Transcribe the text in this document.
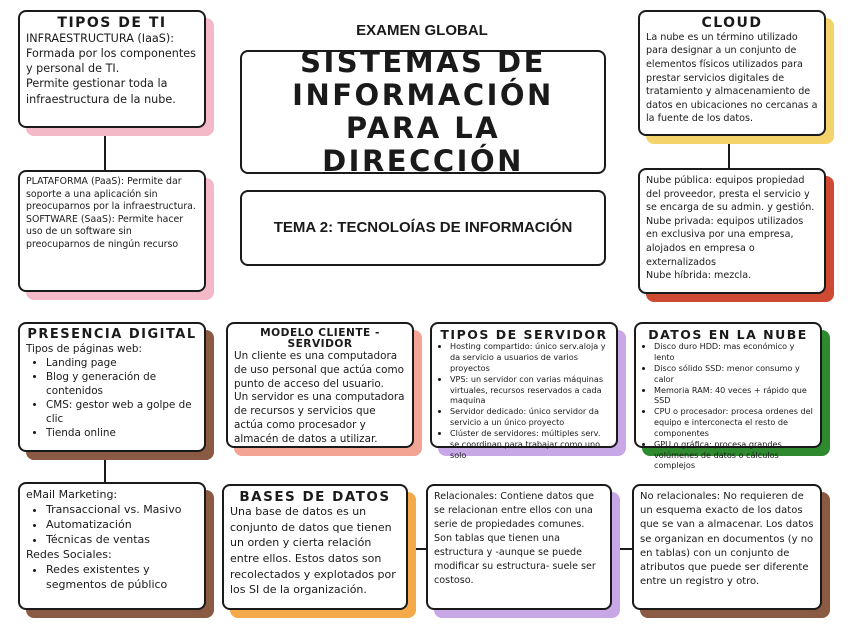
TIPOS DE TI

INFRAESTRUCTURA (IaaS): Formada por los componentes y personal de TI.

Permite gestionar toda la infraestructura de la nube.

PLATAFORMA (PaaS): Permite dar soporte a una aplicación sin preocuparnos por la infraestructura.

SOFTWARE (SaaS): Permite hacer uso de un software sin preocuparnos de ningún recurso

EXAMEN GLOBAL
SISTEMAS DE INFORMACIÓN PARA LA DIRECCIÓN
TEMA 2: TECNOLOÍAS DE INFORMACIÓN
CLOUD

La nube es un término utilizado para designar a un conjunto de elementos físicos utilizados para prestar servicios digitales de tratamiento y almacenamiento de datos en ubicaciones no cercanas a la fuente de los datos.

Nube pública: equipos propiedad del proveedor, presta el servicio y se encarga de su admin. y gestión.

Nube privada: equipos utilizados en exclusiva por una empresa, alojados en empresa o externalizados

Nube híbrida: mezcla.

PRESENCIA DIGITAL

Tipos de páginas web:

• Landing page
• Blog y generación de contenidos
• CMS: gestor web a golpe de clic
• Tienda online

eMail Marketing:

• Transaccional vs. Masivo
• Automatización
• Técnicas de ventas

Redes Sociales:

• Redes existentes y segmentos de público
MODELO CLIENTE - SERVIDOR

Un cliente es una computadora de uso personal que actúa como punto de acceso del usuario.

Un servidor es una computadora de recursos y servicios que actúa como procesador y almacén de datos a utilizar.

TIPOS DE SERVIDOR
• Hosting compartido: único serv.aloja y da servicio a usuarios de varios proyectos
• VPS: un servidor con varias máquinas virtuales, recursos reservados a cada maquina
• Servidor dedicado: único servidor da servicio a un único proyecto
• Clúster de servidores: múltiples serv. se coordinan para trabajar como uno solo
DATOS EN LA NUBE
• Disco duro HDD: mas económico y lento
• Disco sólido SSD: menor consumo y calor
• Memoria RAM: 40 veces + rápido que SSD
• CPU o procesador: procesa ordenes del equipo e interconecta el resto de componentes
• GPU o gráfica: procesa grandes volúmenes de datos o cálculos complejos
BASES DE DATOS

Una base de datos es un conjunto de datos que tienen un orden y cierta relación entre ellos. Estos datos son recolectados y explotados por los SI de la organización.

Relacionales: Contiene datos que se relacionan entre ellos con una serie de propiedades comunes. Son tablas que tienen una estructura y -aunque se puede modificar su estructura- suele ser costoso.

No relacionales: No requieren de un esquema exacto de los datos que se van a almacenar. Los datos se organizan en documentos (y no en tablas) con un conjunto de atributos que puede ser diferente entre un registro y otro.
